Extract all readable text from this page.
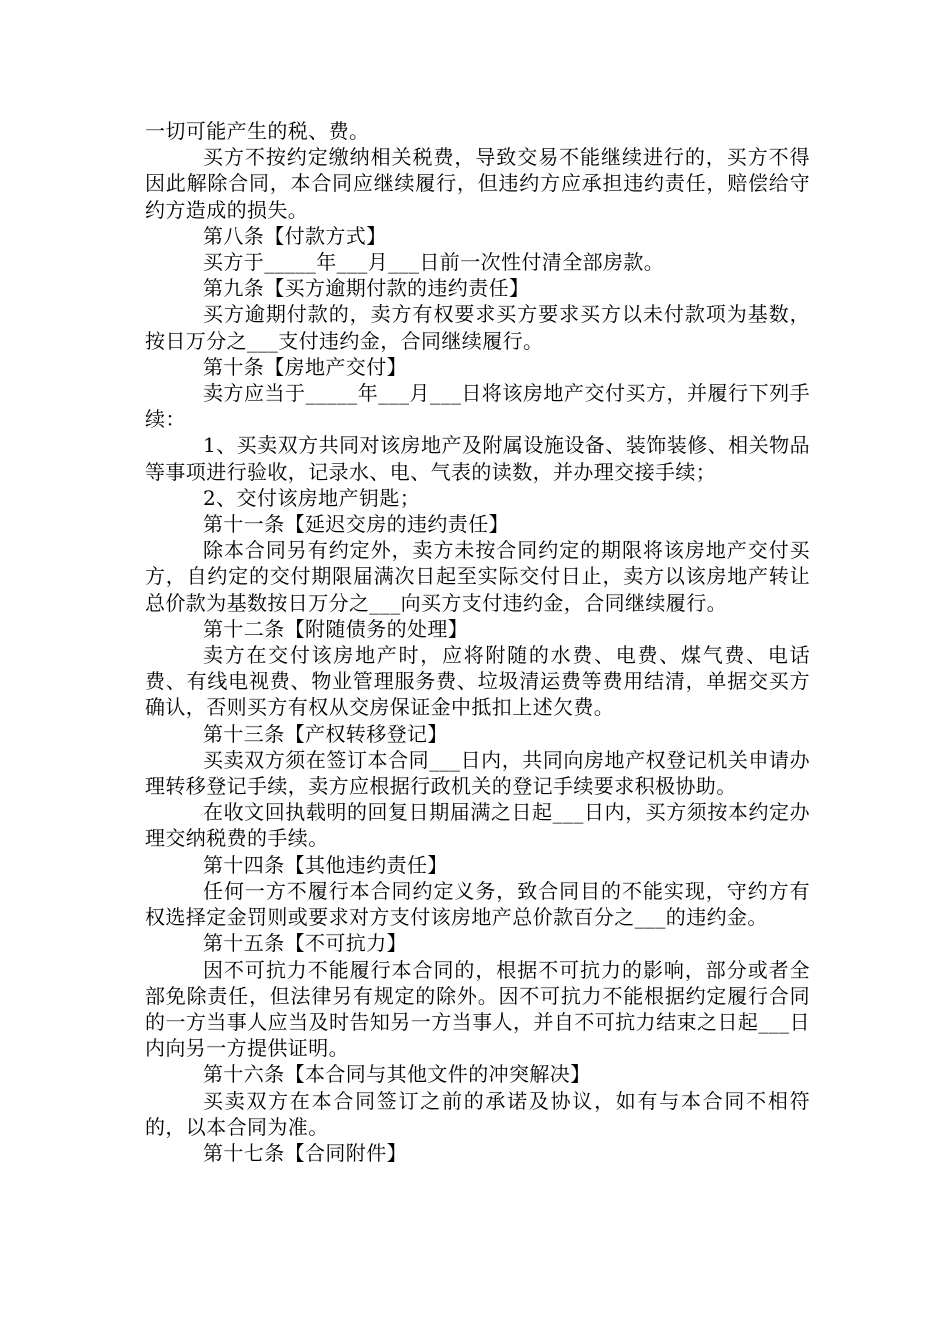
一切可能产生的税、费。

买方不按约定缴纳相关税费，导致交易不能继续进行的，买方不得因此解除合同，本合同应继续履行，但违约方应承担违约责任，赔偿给守约方造成的损失。

第八条【付款方式】

买方于_____年___月___日前一次性付清全部房款。

第九条【买方逾期付款的违约责任】

买方逾期付款的，卖方有权要求买方要求买方以未付款项为基数，按日万分之___支付违约金，合同继续履行。

第十条【房地产交付】

卖方应当于_____年___月___日将该房地产交付买方，并履行下列手续：

1、买卖双方共同对该房地产及附属设施设备、装饰装修、相关物品等事项进行验收，记录水、电、气表的读数，并办理交接手续；

2、交付该房地产钥匙；

第十一条【延迟交房的违约责任】

除本合同另有约定外，卖方未按合同约定的期限将该房地产交付买方，自约定的交付期限届满次日起至实际交付日止，卖方以该房地产转让总价款为基数按日万分之___向买方支付违约金，合同继续履行。

第十二条【附随债务的处理】

卖方在交付该房地产时，应将附随的水费、电费、煤气费、电话费、有线电视费、物业管理服务费、垃圾清运费等费用结清，单据交买方确认，否则买方有权从交房保证金中抵扣上述欠费。

第十三条【产权转移登记】

买卖双方须在签订本合同___日内，共同向房地产权登记机关申请办理转移登记手续，卖方应根据行政机关的登记手续要求积极协助。

在收文回执载明的回复日期届满之日起___日内，买方须按本约定办理交纳税费的手续。

第十四条【其他违约责任】

任何一方不履行本合同约定义务，致合同目的不能实现，守约方有权选择定金罚则或要求对方支付该房地产总价款百分之___的违约金。

第十五条【不可抗力】

因不可抗力不能履行本合同的，根据不可抗力的影响，部分或者全部免除责任，但法律另有规定的除外。因不可抗力不能根据约定履行合同的一方当事人应当及时告知另一方当事人，并自不可抗力结束之日起___日内向另一方提供证明。

第十六条【本合同与其他文件的冲突解决】

买卖双方在本合同签订之前的承诺及协议，如有与本合同不相符的，以本合同为准。

第十七条【合同附件】
